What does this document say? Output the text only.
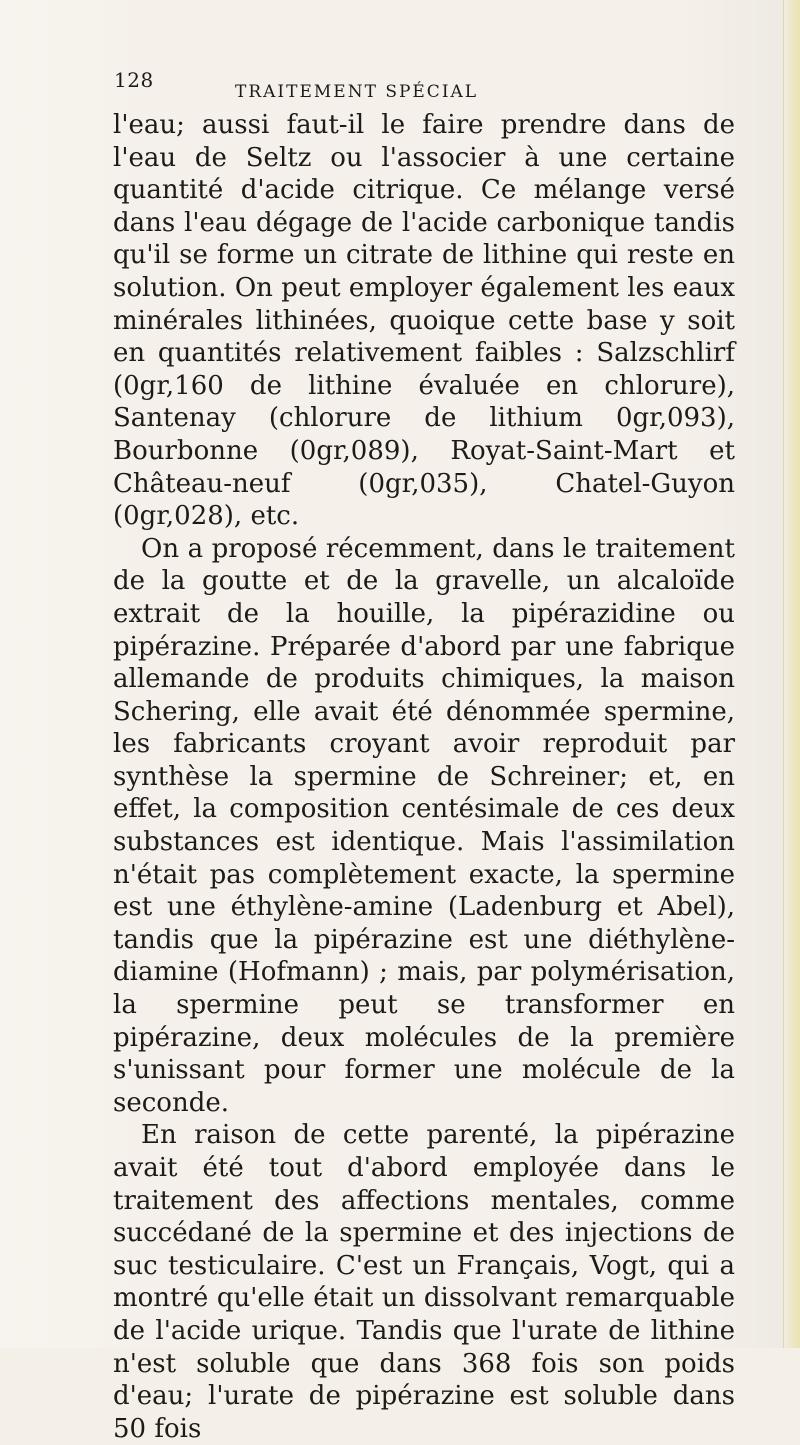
128	TRAITEMENT SPÉCIAL

l'eau; aussi faut-il le faire prendre dans de l'eau de Seltz ou l'associer à une certaine quantité d'acide citrique. Ce mélange versé dans l'eau dégage de l'acide carbonique tandis qu'il se forme un citrate de lithine qui reste en solution. On peut employer également les eaux minérales lithinées, quoique cette base y soit en quantités relativement faibles : Salzschlirf (0gr,160 de lithine évaluée en chlorure), Santenay (chlorure de lithium 0gr,093), Bourbonne (0gr,089), Royat-Saint-Mart et Château-neuf (0gr,035), Chatel-Guyon (0gr,028), etc.

On a proposé récemment, dans le traitement de la goutte et de la gravelle, un alcaloïde extrait de la houille, la pipérazidine ou pipérazine. Préparée d'abord par une fabrique allemande de produits chimiques, la maison Schering, elle avait été dénommée spermine, les fabricants croyant avoir reproduit par synthèse la spermine de Schreiner; et, en effet, la composition centésimale de ces deux substances est identique. Mais l'assimilation n'était pas complètement exacte, la spermine est une éthylène-amine (Ladenburg et Abel), tandis que la pipérazine est une diéthylène-diamine (Hofmann) ; mais, par polymérisation, la spermine peut se transformer en pipérazine, deux molécules de la première s'unissant pour former une molécule de la seconde.

En raison de cette parenté, la pipérazine avait été tout d'abord employée dans le traitement des affections mentales, comme succédané de la spermine et des injections de suc testiculaire. C'est un Français, Vogt, qui a montré qu'elle était un dissolvant remarquable de l'acide urique. Tandis que l'urate de lithine n'est soluble que dans 368 fois son poids d'eau; l'urate de pipérazine est soluble dans 50 fois
